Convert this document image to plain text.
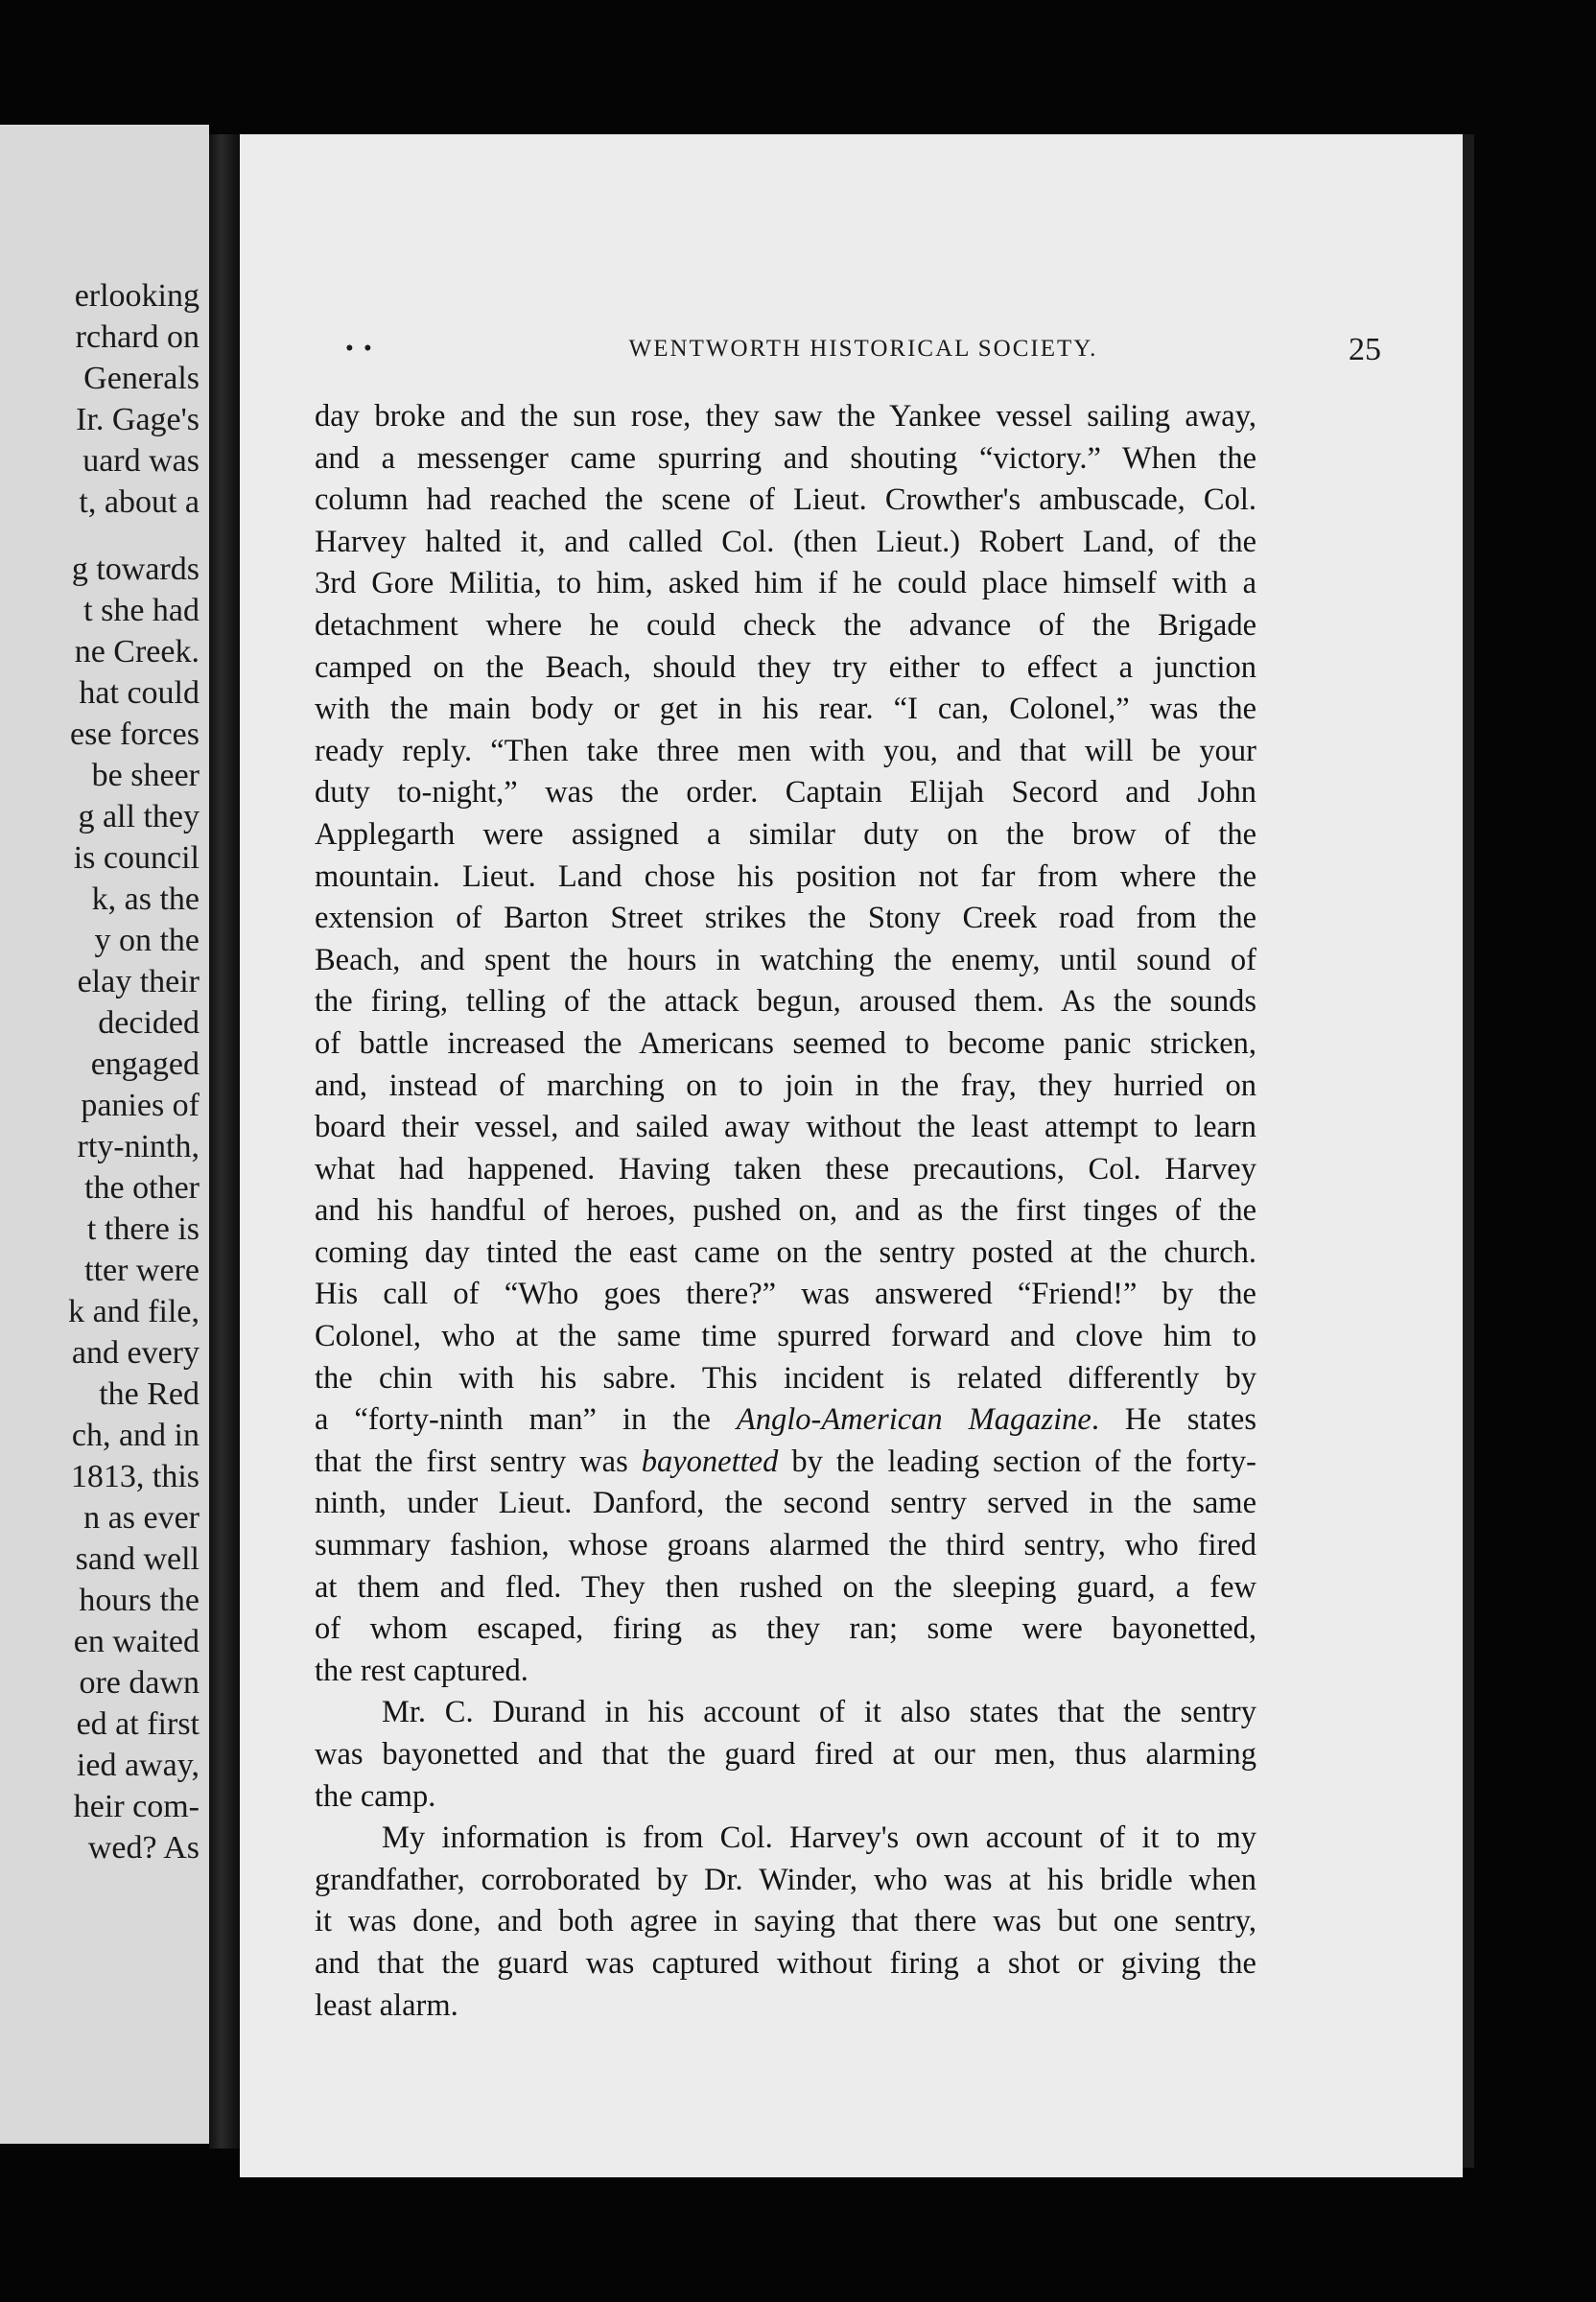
erlooking
rchard on
Generals
Ir. Gage's
uard was
t, about a
g towards
t she had
ne Creek.
hat could
ese forces
be sheer
g all they
is council
k, as the
y on the
elay their
decided
engaged
panies of
rty-ninth,
the other
t there is
tter were
k and file,
and every
the Red
ch, and in
1813, this
n as ever
sand well
hours the
en waited
ore dawn
ed at first
ied away,
heir com-
wed? As
• •	WENTWORTH HISTORICAL SOCIETY.	25
day broke and the sun rose, they saw the Yankee vessel sailing away,
and a messenger came spurring and shouting “victory.” When the
column had reached the scene of Lieut. Crowther's ambuscade, Col.
Harvey halted it, and called Col. (then Lieut.) Robert Land, of the
3rd Gore Militia, to him, asked him if he could place himself with a
detachment where he could check the advance of the Brigade
camped on the Beach, should they try either to effect a junction
with the main body or get in his rear. “I can, Colonel,” was the
ready reply. “Then take three men with you, and that will be your
duty to-night,” was the order. Captain Elijah Secord and John
Applegarth were assigned a similar duty on the brow of the
mountain. Lieut. Land chose his position not far from where the
extension of Barton Street strikes the Stony Creek road from the
Beach, and spent the hours in watching the enemy, until sound of
the firing, telling of the attack begun, aroused them. As the sounds
of battle increased the Americans seemed to become panic stricken,
and, instead of marching on to join in the fray, they hurried on
board their vessel, and sailed away without the least attempt to learn
what had happened. Having taken these precautions, Col. Harvey
and his handful of heroes, pushed on, and as the first tinges of the
coming day tinted the east came on the sentry posted at the church.
His call of “Who goes there?” was answered “Friend!” by the
Colonel, who at the same time spurred forward and clove him to
the chin with his sabre. This incident is related differently by
a “forty-ninth man” in the Anglo-American Magazine. He states
that the first sentry was bayonetted by the leading section of the forty-
ninth, under Lieut. Danford, the second sentry served in the same
summary fashion, whose groans alarmed the third sentry, who fired
at them and fled. They then rushed on the sleeping guard, a few
of whom escaped, firing as they ran; some were bayonetted,
the rest captured.
Mr. C. Durand in his account of it also states that the sentry
was bayonetted and that the guard fired at our men, thus alarming
the camp.
My information is from Col. Harvey's own account of it to my
grandfather, corroborated by Dr. Winder, who was at his bridle when
it was done, and both agree in saying that there was but one sentry,
and that the guard was captured without firing a shot or giving the
least alarm.
